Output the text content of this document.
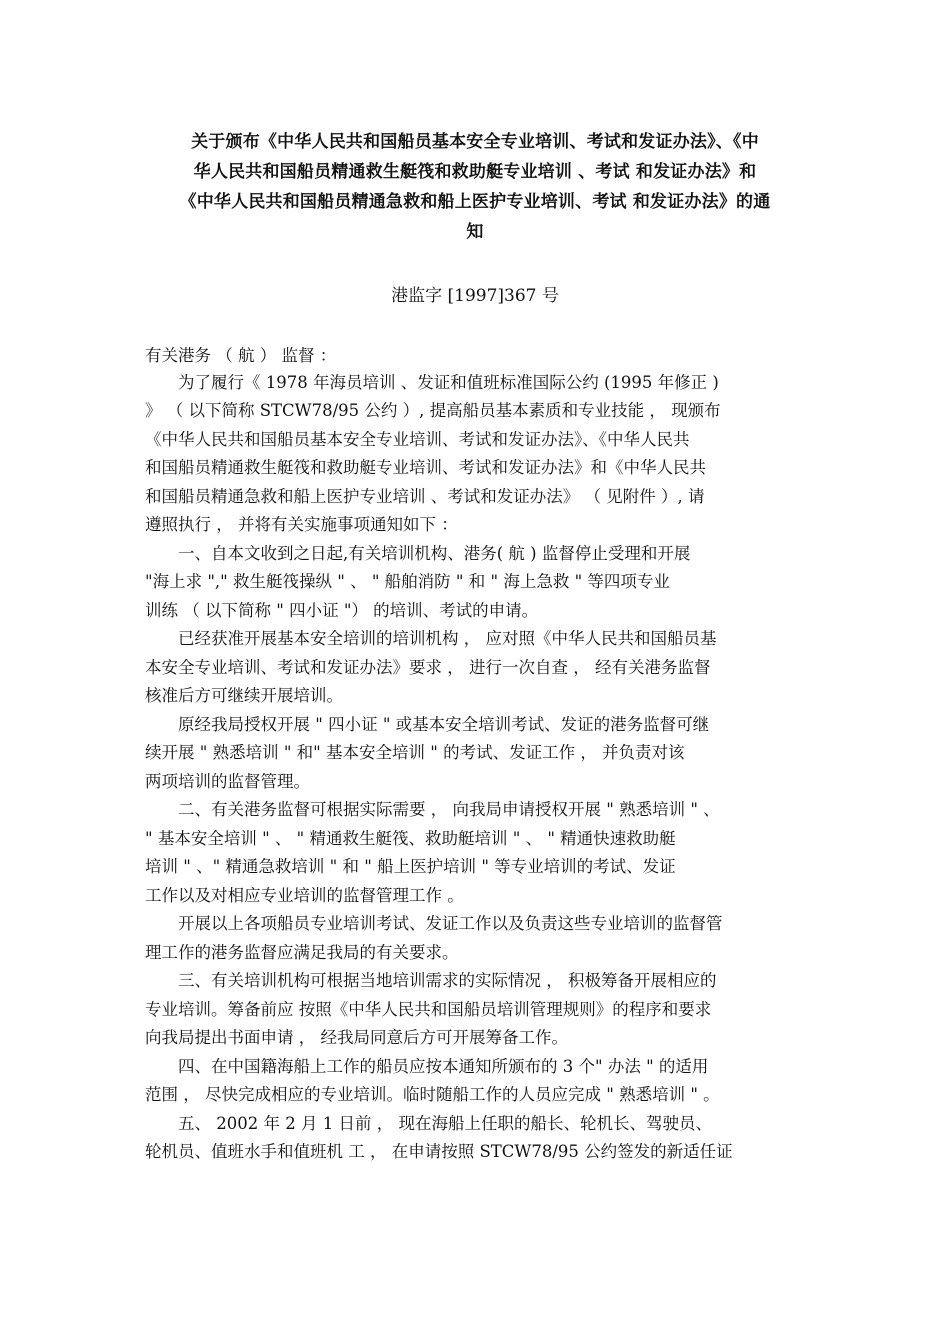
关于颁布《中华人民共和国船员基本安全专业培训、考试和发证办法》、《中
华人民共和国船员精通救生艇筏和救助艇专业培训 、考试 和发证办法》和
《中华人民共和国船员精通急救和船上医护专业培训、考试 和发证办法》的通
知
港监字 [1997]367 号
有关港务 （ 航 ） 监督 ：
　　为了履行《 1978 年海员培训 、发证和值班标准国际公约 (1995 年修正 )
》 （ 以下简称 STCW78/95 公约 ）, 提高船员基本素质和专业技能 ， 现颁布
《中华人民共和国船员基本安全专业培训、考试和发证办法》、《中华人民共
和国船员精通救生艇筏和救助艇专业培训、考试和发证办法》和《中华人民共
和国船员精通急救和船上医护专业培训 、考试和发证办法》 （ 见附件 ）, 请
遵照执行 ， 并将有关实施事项通知如下 ：
　　一、自本文收到之日起,有关培训机构、港务( 航 ) 监督停止受理和开展
"海上求 "," 救生艇筏操纵 " 、 " 船舶消防 " 和 " 海上急救 " 等四项专业
训练 （ 以下简称 " 四小证 "） 的培训、考试的申请。
　　已经获准开展基本安全培训的培训机构 ， 应对照《中华人民共和国船员基
本安全专业培训、考试和发证办法》要求 ， 进行一次自查 ， 经有关港务监督
核准后方可继续开展培训。
　　原经我局授权开展 " 四小证 " 或基本安全培训考试、发证的港务监督可继
续开展 " 熟悉培训 " 和" 基本安全培训 " 的考试、发证工作 ， 并负责对该
两项培训的监督管理。
　　二、有关港务监督可根据实际需要 ， 向我局申请授权开展 " 熟悉培训 " 、
" 基本安全培训 " 、 " 精通救生艇筏、救助艇培训 " 、 " 精通快速救助艇
培训 " 、" 精通急救培训 " 和 " 船上医护培训 " 等专业培训的考试、发证
工作以及对相应专业培训的监督管理工作 。
　　开展以上各项船员专业培训考试、发证工作以及负责这些专业培训的监督管
理工作的港务监督应满足我局的有关要求。
　　三、有关培训机构可根据当地培训需求的实际情况 ， 积极筹备开展相应的
专业培训。筹备前应 按照《中华人民共和国船员培训管理规则》的程序和要求
向我局提出书面申请 ， 经我局同意后方可开展筹备工作。
　　四、在中国籍海船上工作的船员应按本通知所颁布的 3 个" 办法 " 的适用
范围 ， 尽快完成相应的专业培训。临时随船工作的人员应完成 " 熟悉培训 " 。
　　五、 2002 年 2 月 1 日前 ， 现在海船上任职的船长、轮机长、驾驶员、
轮机员、值班水手和值班机 工 ， 在申请按照 STCW78/95 公约签发的新适任证
